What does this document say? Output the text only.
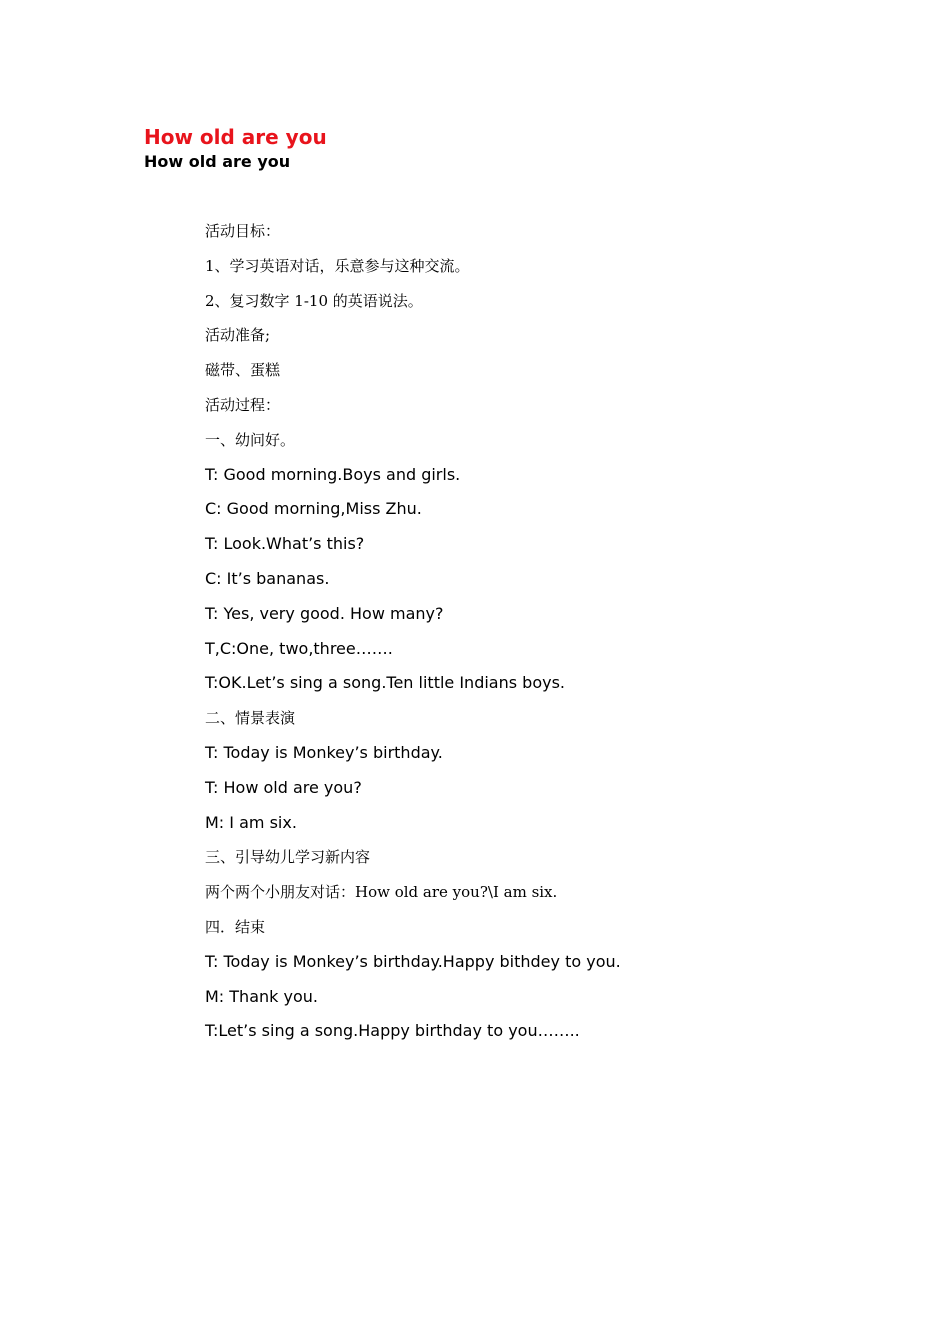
How old are you
How old are you
活动目标：
1、学习英语对话，乐意参与这种交流。
2、复习数字 1-10 的英语说法。
活动准备;
磁带、蛋糕
活动过程：
一、幼问好。
T: Good morning.Boys and girls.
C: Good morning,Miss Zhu.
T: Look.What’s this?
C: It’s bananas.
T: Yes, very good. How many?
T,C:One, two,three…….
T:OK.Let’s sing a song.Ten little Indians boys.
二、情景表演
T: Today is Monkey’s birthday.
T: How old are you?
M: I am six.
三、引导幼儿学习新内容
两个两个小朋友对话：How old are you?\I am six.
四．结束
T: Today is Monkey’s birthday.Happy bithdey to you.
M: Thank you.
T:Let’s sing a song.Happy birthday to you……..
